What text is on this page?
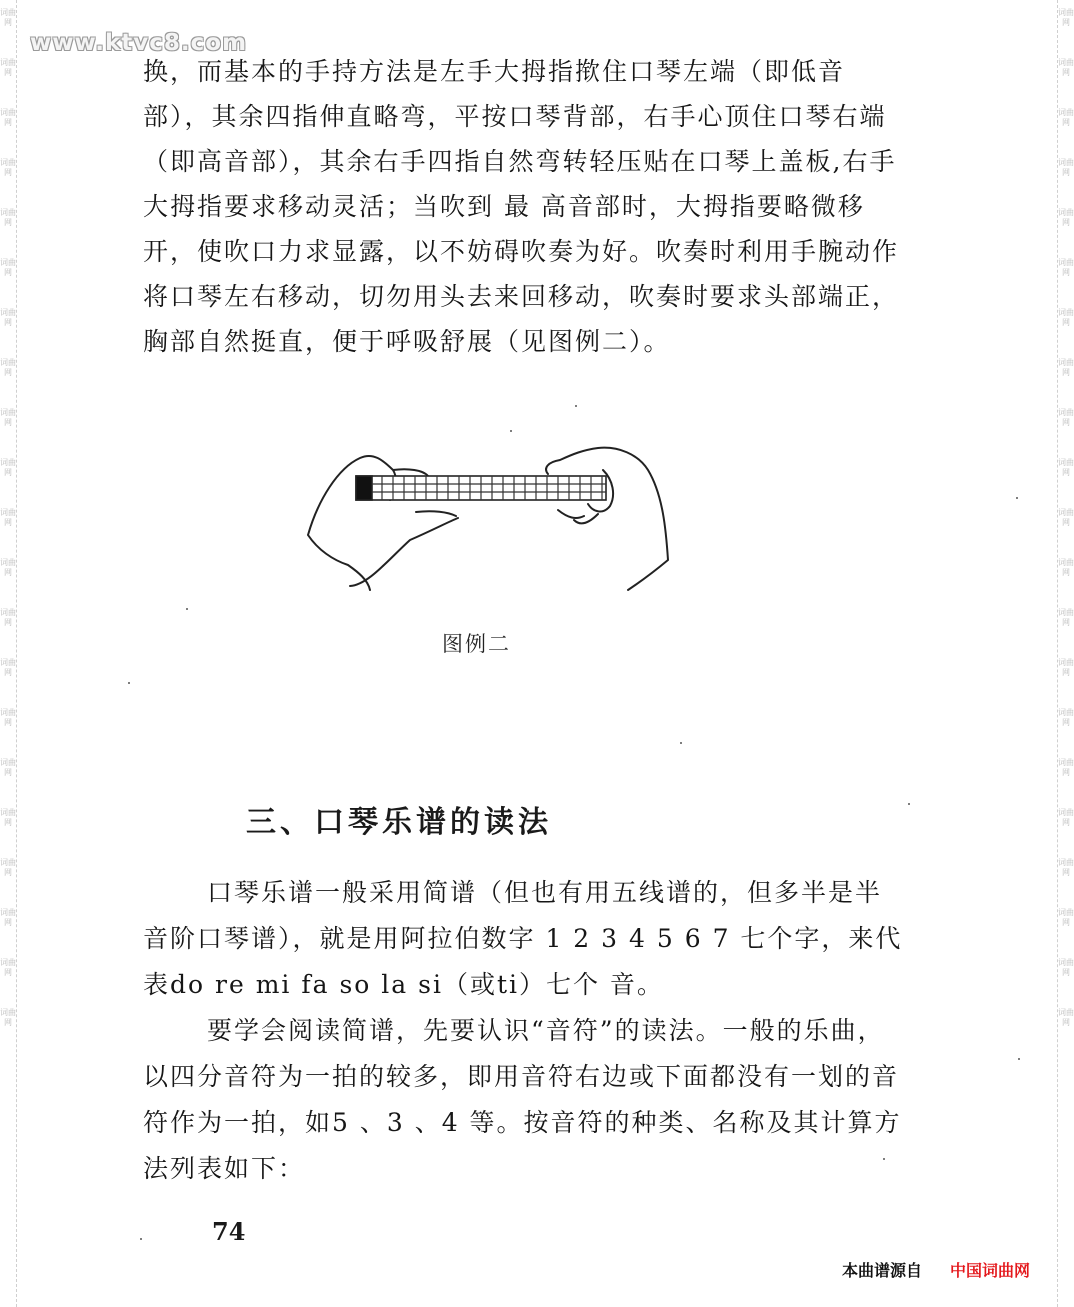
词曲网
词曲网
词曲网
词曲网
词曲网
词曲网
词曲网
词曲网
词曲网
词曲网
词曲网
词曲网
词曲网
词曲网
词曲网
词曲网
词曲网
词曲网
词曲网
词曲网
词曲网
词曲网
词曲网
词曲网
词曲网
词曲网
词曲网
词曲网
词曲网
词曲网
词曲网
词曲网
词曲网
词曲网
词曲网
词曲网
词曲网
词曲网
词曲网
词曲网
词曲网
词曲网
www.ktvc8.com

换，而基本的手持方法是左手大拇指揿住口琴左端（即低音部），其余四指伸直略弯，平按口琴背部，右手心顶住口琴右端（即高音部），其余右手四指自然弯转轻压贴在口琴上盖板,右手大拇指要求移动灵活；当吹到 最 高音部时，大拇指要略微移开，使吹口力求显露，以不妨碍吹奏为好。吹奏时利用手腕动作将口琴左右移动，切勿用头去来回移动，吹奏时要求头部端正，胸部自然挺直，便于呼吸舒展（见图例二）。

图例二
三、口琴乐谱的读法

口琴乐谱一般采用简谱（但也有用五线谱的，但多半是半音阶口琴谱），就是用阿拉伯数字 1 2 3 4 5 6 7 七个字，来代表do re mi fa so la si（或ti）七个 音。

要学会阅读简谱，先要认识“音符”的读法。一般的乐曲，以四分音符为一拍的较多，即用音符右边或下面都没有一划的音符作为一拍，如5 、3 、4 等。按音符的种类、名称及其计算方法列表如下：

74
本曲谱源自 中国词曲网
